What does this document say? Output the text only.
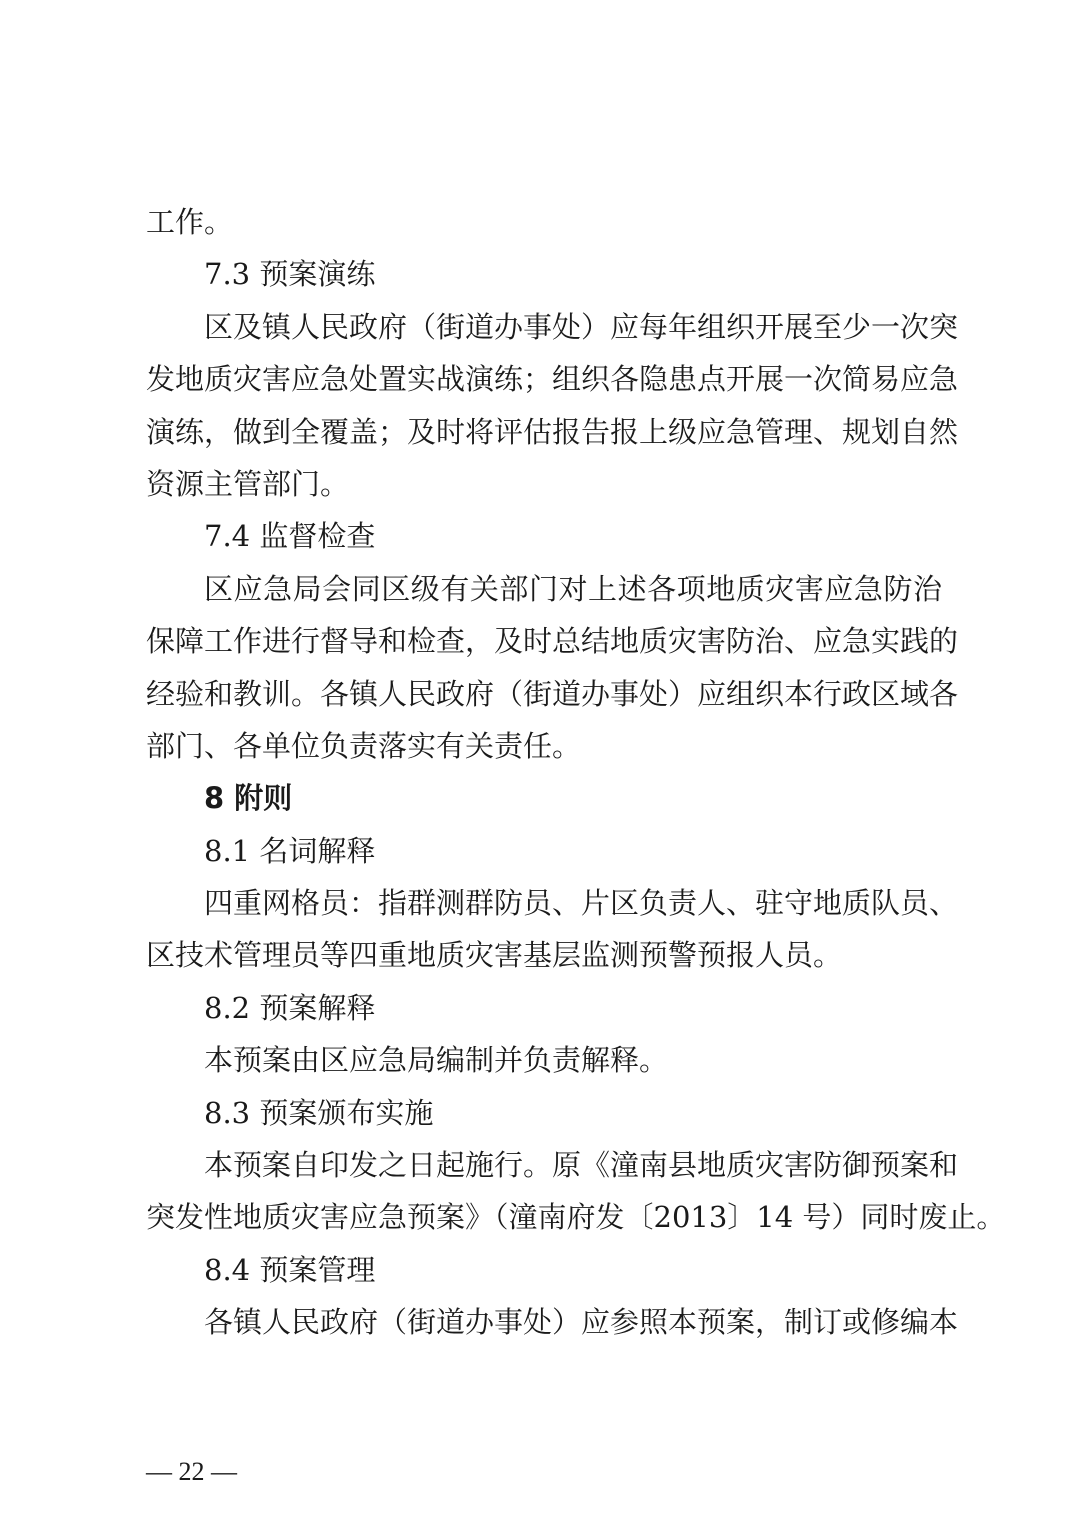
工作。
7.3 预案演练
区及镇人民政府（街道办事处）应每年组织开展至少一次突
发地质灾害应急处置实战演练；组织各隐患点开展一次简易应急
演练，做到全覆盖；及时将评估报告报上级应急管理、规划自然
资源主管部门。
7.4 监督检查
区应急局会同区级有关部门对上述各项地质灾害应急防治
保障工作进行督导和检查，及时总结地质灾害防治、应急实践的
经验和教训。各镇人民政府（街道办事处）应组织本行政区域各
部门、各单位负责落实有关责任。
8 附则
8.1 名词解释
四重网格员：指群测群防员、片区负责人、驻守地质队员、
区技术管理员等四重地质灾害基层监测预警预报人员。
8.2 预案解释
本预案由区应急局编制并负责解释。
8.3 预案颁布实施
本预案自印发之日起施行。原《潼南县地质灾害防御预案和
突发性地质灾害应急预案》（潼南府发〔2013〕14 号）同时废止。
8.4 预案管理
各镇人民政府（街道办事处）应参照本预案，制订或修编本
— 22 —
